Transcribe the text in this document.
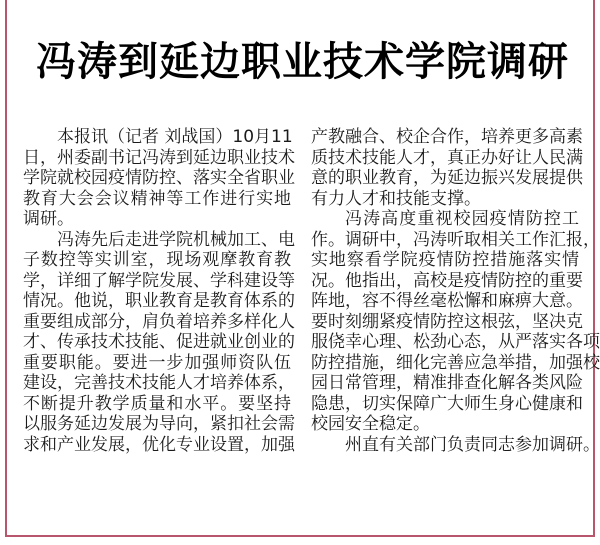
冯涛到延边职业技术学院调研
本报讯（记者 刘战国）10月11
日，州委副书记冯涛到延边职业技术
学院就校园疫情防控、落实全省职业
教育大会会议精神等工作进行实地
调研。
冯涛先后走进学院机械加工、电
子数控等实训室，现场观摩教育教
学，详细了解学院发展、学科建设等
情况。他说，职业教育是教育体系的
重要组成部分，肩负着培养多样化人
才、传承技术技能、促进就业创业的
重要职能。要进一步加强师资队伍
建设，完善技术技能人才培养体系，
不断提升教学质量和水平。要坚持
以服务延边发展为导向，紧扣社会需
求和产业发展，优化专业设置，加强
产教融合、校企合作，培养更多高素
质技术技能人才，真正办好让人民满
意的职业教育，为延边振兴发展提供
有力人才和技能支撑。
冯涛高度重视校园疫情防控工
作。调研中，冯涛听取相关工作汇报，
实地察看学院疫情防控措施落实情
况。他指出，高校是疫情防控的重要
阵地，容不得丝毫松懈和麻痹大意。
要时刻绷紧疫情防控这根弦，坚决克
服侥幸心理、松劲心态，从严落实各项
防控措施，细化完善应急举措，加强校
园日常管理，精准排查化解各类风险
隐患，切实保障广大师生身心健康和
校园安全稳定。
州直有关部门负责同志参加调研。
